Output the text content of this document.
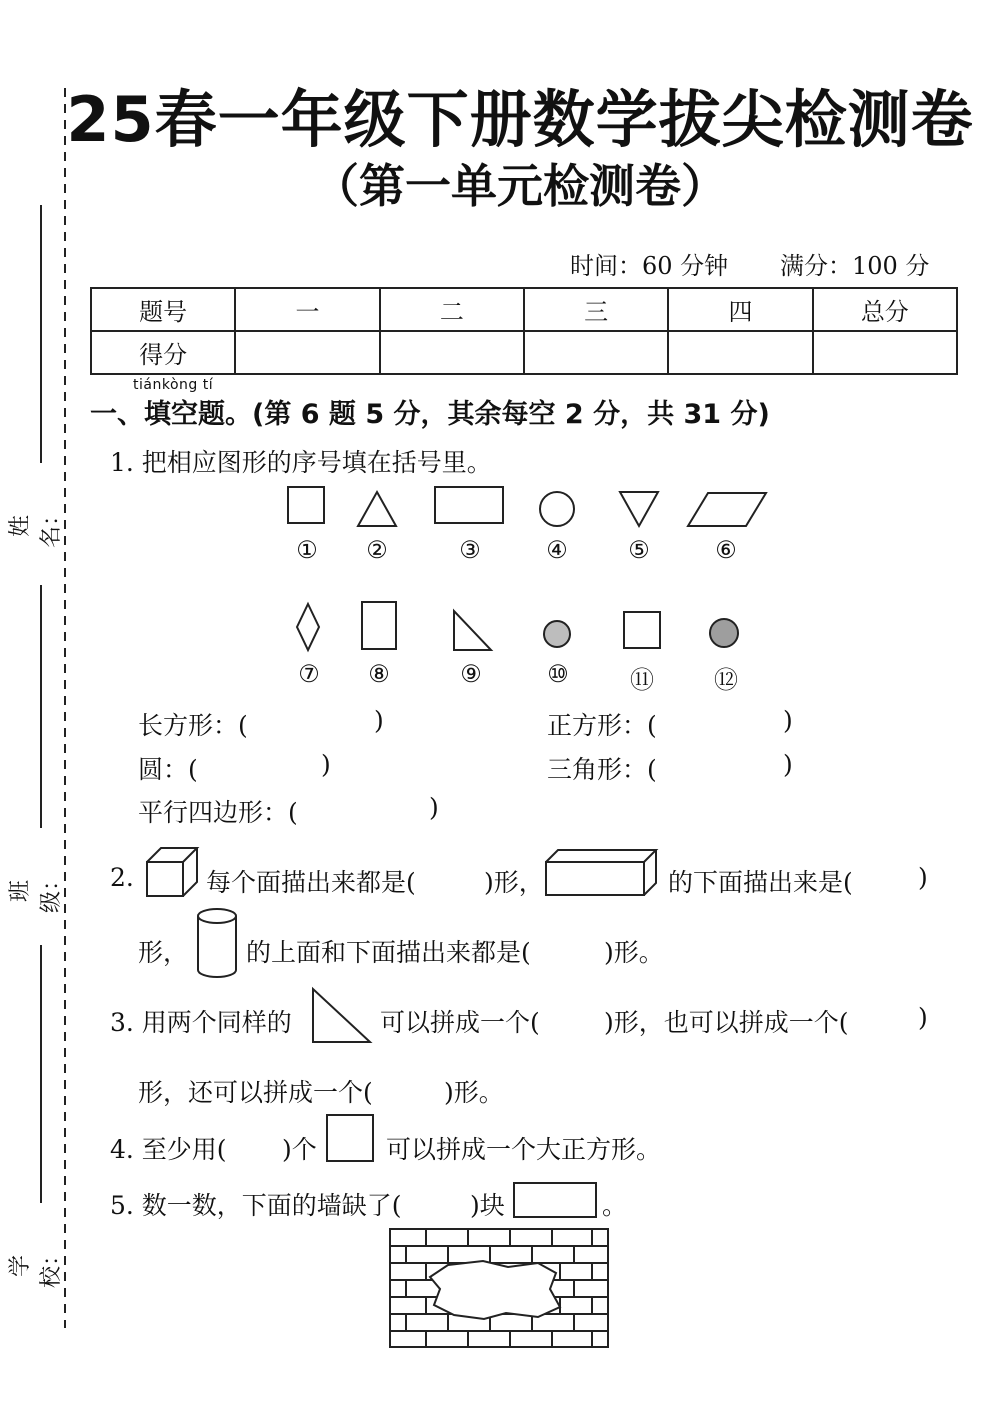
姓名：
班级：
学校：
25春一年级下册数学拔尖检测卷
（第一单元检测卷）
时间：60 分钟 满分：100 分
题号	一	二	三	四	总分
得分					
tiánkòng tí
一、填空题。(第 6 题 5 分，其余每空 2 分，共 31 分)
1. 把相应图形的序号填在括号里。
①	②	③	④	⑤	⑥
⑦	⑧	⑨	⑩	⑪	⑫
长方形：(	)	正方形：(	)
圆：(	)	三角形：(	)
平行四边形：(	)
2.	每个面描出来都是(	)形，	的下面描出来是(	)
形， 的上面和下面描出来都是(	)形。
3. 用两个同样的	可以拼成一个(	)形，也可以拼成一个(	)
形，还可以拼成一个(	)形。
4. 至少用( )个	可以拼成一个大正方形。
5. 数一数，下面的墙缺了(	)块	。
